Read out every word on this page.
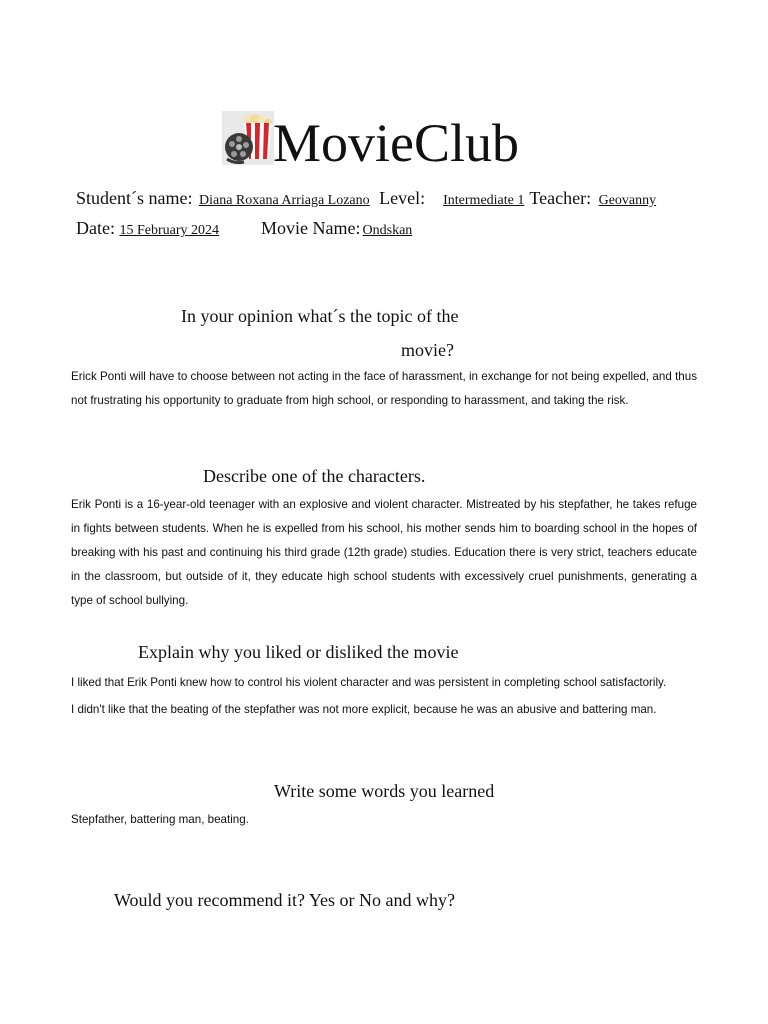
MovieClub
Student´s name: Diana Roxana Arriaga Lozano Level: Intermediate 1 Teacher: Geovanny
Date: 15 February 2024 Movie Name: Ondskan
In your opinion what´s the topic of the
movie?

Erick Ponti will have to choose between not acting in the face of harassment, in exchange for not being expelled, and thus not frustrating his opportunity to graduate from high school, or responding to harassment, and taking the risk.

Describe one of the characters.

Erik Ponti is a 16-year-old teenager with an explosive and violent character. Mistreated by his stepfather, he takes refuge in fights between students. When he is expelled from his school, his mother sends him to boarding school in the hopes of breaking with his past and continuing his third grade (12th grade) studies. Education there is very strict, teachers educate in the classroom, but outside of it, they educate high school students with excessively cruel punishments, generating a type of school bullying.

Explain why you liked or disliked the movie
I liked that Erik Ponti knew how to control his violent character and was persistent in completing school satisfactorily.
I didn't like that the beating of the stepfather was not more explicit, because he was an abusive and battering man.
Write some words you learned
Stepfather, battering man, beating.
Would you recommend it? Yes or No and why?
